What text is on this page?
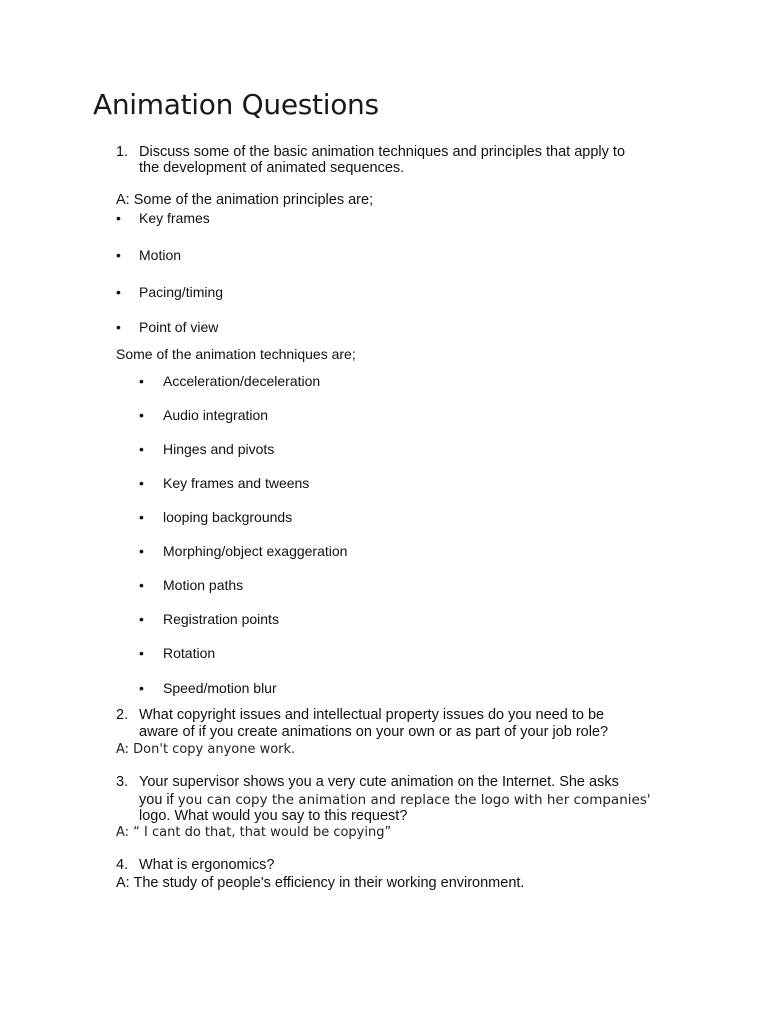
Animation Questions
1. Discuss some of the basic animation techniques and principles that apply to
the development of animated sequences.
A: Some of the animation principles are;
• Key frames
• Motion
• Pacing/timing
• Point of view
Some of the animation techniques are;
• Acceleration/deceleration
• Audio integration
• Hinges and pivots
• Key frames and tweens
• looping backgrounds
• Morphing/object exaggeration
• Motion paths
• Registration points
• Rotation
• Speed/motion blur
2. What copyright issues and intellectual property issues do you need to be
aware of if you create animations on your own or as part of your job role?
A: Don't copy anyone work.
3. Your supervisor shows you a very cute animation on the Internet. She asks
you if you can copy the animation and replace the logo with her companies'
logo. What would you say to this request?
A: “ I cant do that, that would be copying”
4. What is ergonomics?
A: The study of people's efficiency in their working environment.
